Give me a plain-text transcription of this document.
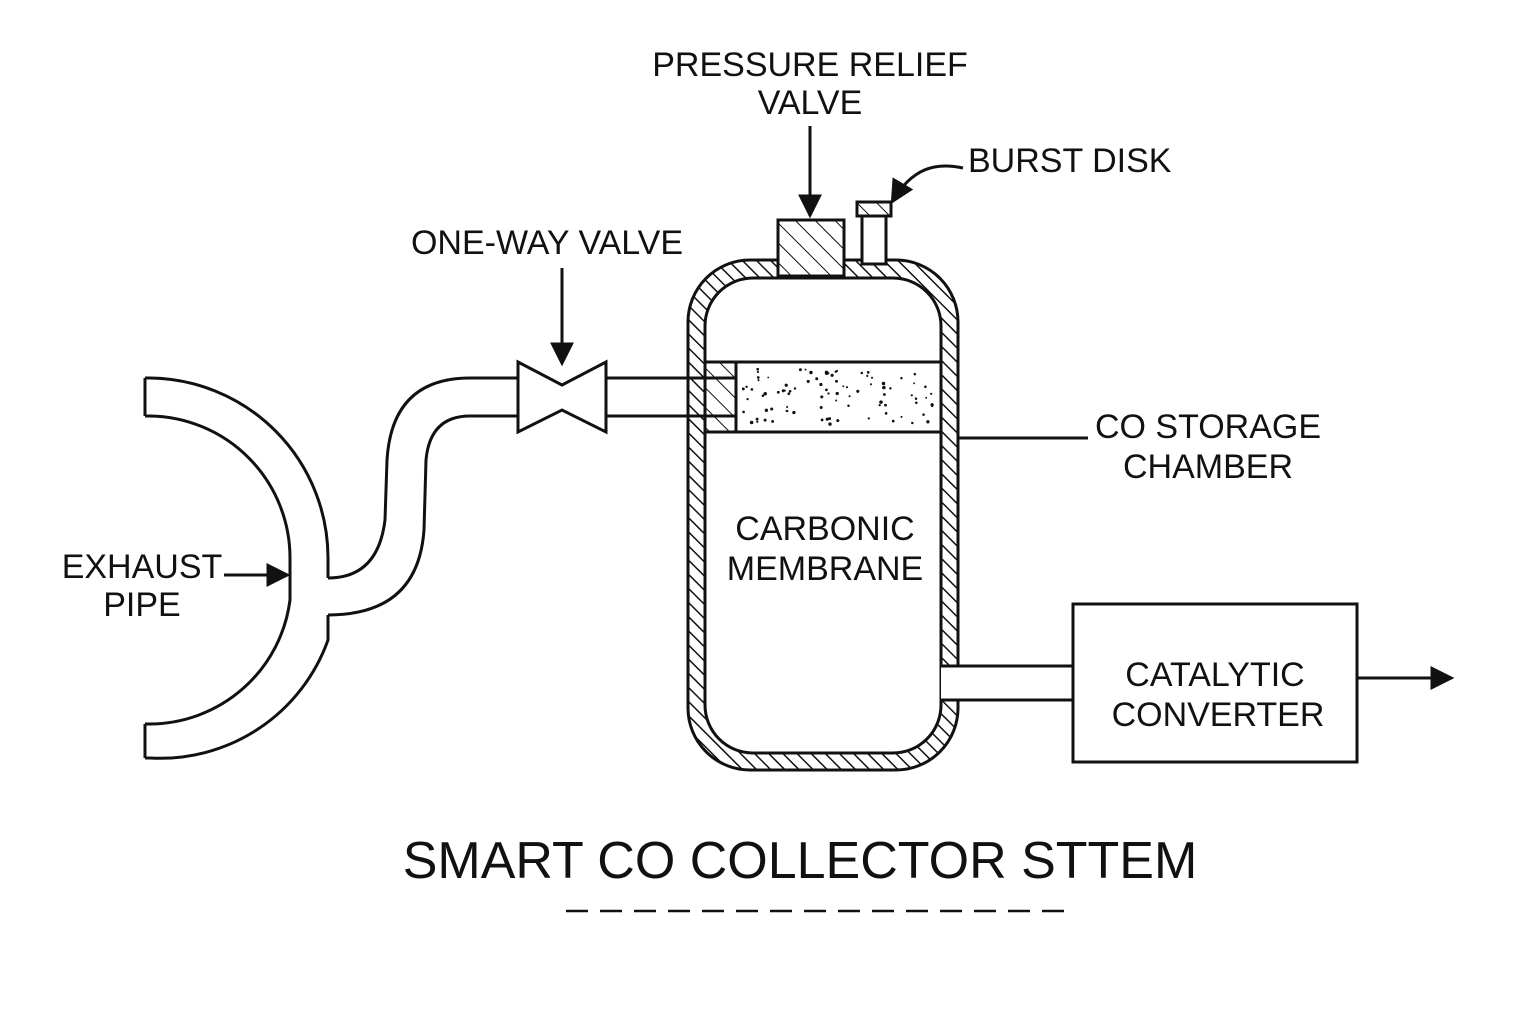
CATALYTIC
CONVERTER
PRESSURE RELIEF
VALVE
BURST DISK
ONE-WAY VALVE
CO STORAGE
CHAMBER
CARBONIC
MEMBRANE
EXHAUST
PIPE
SMART CO COLLECTOR STTEM
